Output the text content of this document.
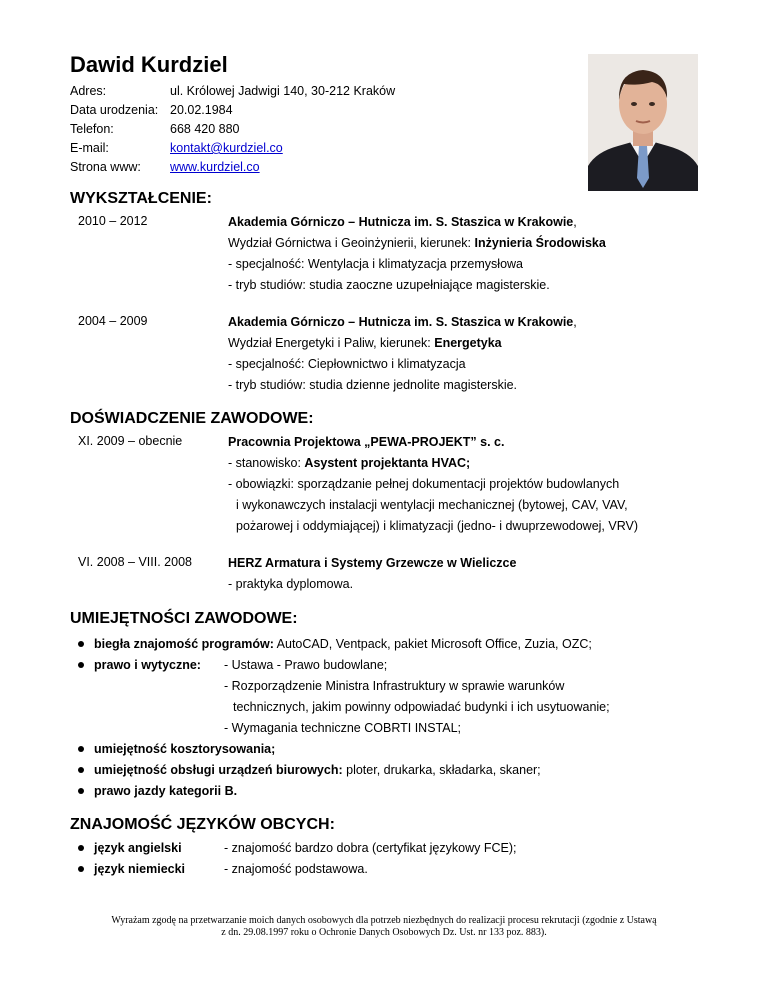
Dawid Kurdziel
Adres:	ul. Królowej Jadwigi 140, 30-212 Kraków
Data urodzenia: 20.02.1984
Telefon:	668 420 880
E-mail:	kontakt@kurdziel.co
Strona www:	www.kurdziel.co
WYKSZTAŁCENIE:
2010 – 2012	Akademia Górniczo – Hutnicza im. S. Staszica w Krakowie,
Wydział Górnictwa i Geoinżynierii, kierunek: Inżynieria Środowiska
- specjalność: Wentylacja i klimatyzacja przemysłowa
- tryb studiów: studia zaoczne uzupełniające magisterskie.
2004 – 2009	Akademia Górniczo – Hutnicza im. S. Staszica w Krakowie,
Wydział Energetyki i Paliw, kierunek: Energetyka
- specjalność: Ciepłownictwo i klimatyzacja
- tryb studiów: studia dzienne jednolite magisterskie.
DOŚWIADCZENIE ZAWODOWE:
XI. 2009 – obecnie	Pracownia Projektowa „PEWA-PROJEKT” s. c.
- stanowisko: Asystent projektanta HVAC;
- obowiązki: sporządzanie pełnej dokumentacji projektów budowlanych
i wykonawczych instalacji wentylacji mechanicznej (bytowej, CAV, VAV,
pożarowej i oddymiającej) i klimatyzacji (jedno- i dwuprzewodowej, VRV)
VI. 2008 – VIII. 2008	HERZ Armatura i Systemy Grzewcze w Wieliczce
- praktyka dyplomowa.
UMIEJĘTNOŚCI ZAWODOWE:
biegła znajomość programów: AutoCAD, Ventpack, pakiet Microsoft Office, Zuzia, OZC;
prawo i wytyczne: - Ustawa - Prawo budowlane;
- Rozporządzenie Ministra Infrastruktury w sprawie warunków
technicznych, jakim powinny odpowiadać budynki i ich usytuowanie;
- Wymagania techniczne COBRTI INSTAL;
umiejętność kosztorysowania;
umiejętność obsługi urządzeń biurowych: ploter, drukarka, składarka, skaner;
prawo jazdy kategorii B.
ZNAJOMOŚĆ JĘZYKÓW OBCYCH:
język angielski	- znajomość bardzo dobra (certyfikat językowy FCE);
język niemiecki	- znajomość podstawowa.
Wyrażam zgodę na przetwarzanie moich danych osobowych dla potrzeb niezbędnych do realizacji procesu rekrutacji (zgodnie z Ustawą
z dn. 29.08.1997 roku o Ochronie Danych Osobowych Dz. Ust. nr 133 poz. 883).
